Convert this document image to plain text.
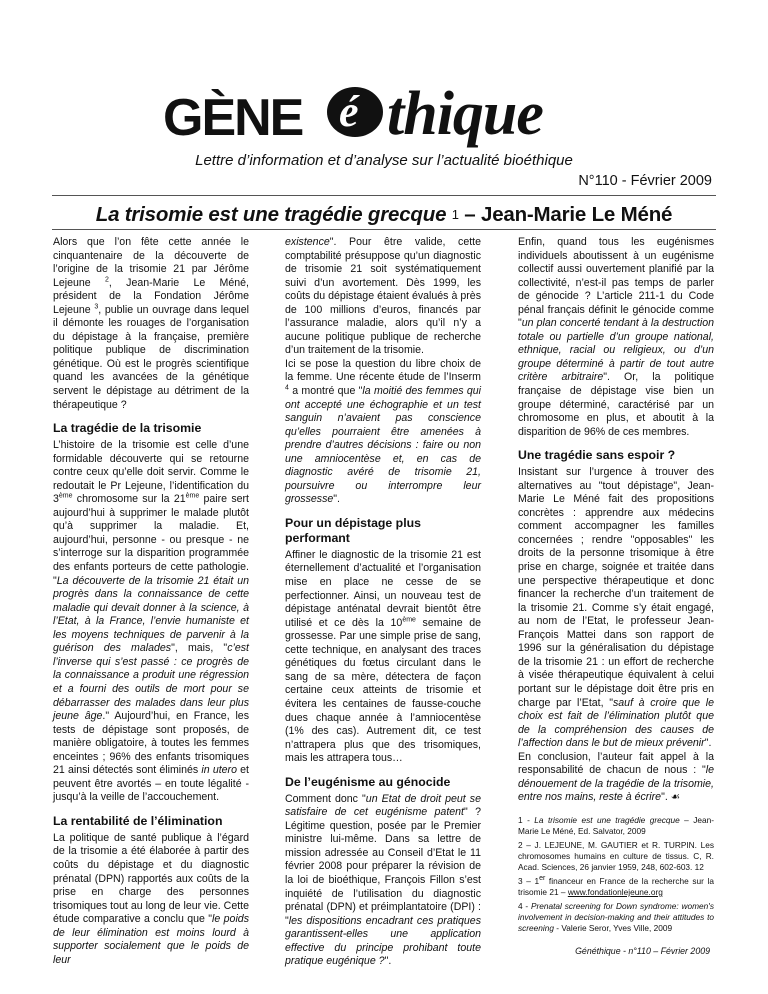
GÈNE é thique
Lettre d’information et d’analyse sur l’actualité bioéthique
N°110 - Février 2009
La trisomie est une tragédie grecque $^1$ – Jean-Marie Le Méné

Alors que l’on fête cette année le cinquantenaire de la découverte de l’origine de la trisomie 21 par Jérôme Lejeune $^2$, Jean-Marie Le Méné, président de la Fondation Jérôme Lejeune $^3$, publie un ouvrage dans lequel il démonte les rouages de l’organisation du dépistage à la française, première politique publique de discrimination génétique. Où est le progrès scientifique quand les avancées de la génétique servent le dépistage au détriment de la thérapeutique ?

La tragédie de la trisomie

L’histoire de la trisomie est celle d’une formidable découverte qui se retourne contre ceux qu’elle doit servir. Comme le redoutait le Pr Lejeune, l’identification du 3ème chromosome sur la 21ème paire sert aujourd’hui à supprimer le malade plutôt qu’à supprimer la maladie. Et, aujourd’hui, personne - ou presque - ne s’interroge sur la disparition programmée des enfants porteurs de cette pathologie. "La découverte de la trisomie 21 était un progrès dans la connaissance de cette maladie qui devait donner à la science, à l’Etat, à la France, l’envie humaniste et les moyens techniques de parvenir à la guérison des malades", mais, "c’est l’inverse qui s’est passé : ce progrès de la connaissance a produit une régression et a fourni des outils de mort pour se débarrasser des malades dans leur plus jeune âge." Aujourd’hui, en France, les tests de dépistage sont proposés, de manière obligatoire, à toutes les femmes enceintes ; 96% des enfants trisomiques 21 ainsi détectés sont éliminés in utero et peuvent être avortés – en toute légalité - jusqu’à la veille de l’accouchement.

La rentabilité de l’élimination

La politique de santé publique à l’égard de la trisomie a été élaborée à partir des coûts du dépistage et du diagnostic prénatal (DPN) rapportés aux coûts de la prise en charge des personnes trisomiques tout au long de leur vie. Cette étude comparative a conclu que "le poids de leur élimination est moins lourd à supporter socialement que le poids de leur

existence". Pour être valide, cette comptabilité présuppose qu’un diagnostic de trisomie 21 soit systématiquement suivi d’un avortement. Dès 1999, les coûts du dépistage étaient évalués à près de 100 millions d’euros, financés par l’assurance maladie, alors qu’il n’y a aucune politique publique de recherche d’un traitement de la trisomie.

Ici se pose la question du libre choix de la femme. Une récente étude de l’Inserm $^4$ a montré que "la moitié des femmes qui ont accepté une échographie et un test sanguin n’avaient pas conscience qu’elles pourraient être amenées à prendre d’autres décisions : faire ou non une amniocentèse et, en cas de diagnostic avéré de trisomie 21, poursuivre ou interrompre leur grossesse".

Pour un dépistage plus performant

Affiner le diagnostic de la trisomie 21 est éternellement d’actualité et l’organisation mise en place ne cesse de se perfectionner. Ainsi, un nouveau test de dépistage anténatal devrait bientôt être utilisé et ce dès la 10ème semaine de grossesse. Par une simple prise de sang, cette technique, en analysant des traces génétiques du fœtus circulant dans le sang de sa mère, détectera de façon certaine ceux atteints de trisomie et évitera les centaines de fausse-couche dues chaque année à l’amniocentèse (1% des cas). Autrement dit, ce test n’attrapera plus que des trisomiques, mais les attrapera tous…

De l’eugénisme au génocide

Comment donc "un Etat de droit peut se satisfaire de cet eugénisme patent" ? Légitime question, posée par le Premier ministre lui-même. Dans sa lettre de mission adressée au Conseil d’Etat le 11 février 2008 pour préparer la révision de la loi de bioéthique, François Fillon s’est inquiété de l’utilisation du diagnostic prénatal (DPN) et préimplantatoire (DPI) : "les dispositions encadrant ces pratiques garantissent-elles une application effective du principe prohibant toute pratique eugénique ?".

Enfin, quand tous les eugénismes individuels aboutissent à un eugénisme collectif aussi ouvertement planifié par la collectivité, n’est-il pas temps de parler de génocide ? L’article 211-1 du Code pénal français définit le génocide comme "un plan concerté tendant à la destruction totale ou partielle d’un groupe national, ethnique, racial ou religieux, ou d’un groupe déterminé à partir de tout autre critère arbitraire". Or, la politique française de dépistage vise bien un groupe déterminé, caractérisé par un chromosome en plus, et aboutit à la disparition de 96% de ces membres.

Une tragédie sans espoir ?

Insistant sur l’urgence à trouver des alternatives au "tout dépistage", Jean-Marie Le Méné fait des propositions concrètes : apprendre aux médecins comment accompagner les familles concernées ; rendre "opposables" les droits de la personne trisomique à être prise en charge, soignée et traitée dans une perspective thérapeutique et donc financer la recherche d’un traitement de la trisomie 21. Comme s’y était engagé, au nom de l’Etat, le professeur Jean-François Mattei dans son rapport de 1996 sur la généralisation du dépistage de la trisomie 21 : un effort de recherche à visée thérapeutique équivalent à celui portant sur le dépistage doit être pris en charge par l’Etat, "sauf à croire que le choix est fait de l’élimination plutôt que de la compréhension des causes de l’affection dans le but de mieux prévenir".

En conclusion, l’auteur fait appel à la responsabilité de chacun de nous : "le dénouement de la tragédie de la trisomie, entre nos mains, reste à écrire". ☙

1 - La trisomie est une tragédie grecque – Jean-Marie Le Méné, Ed. Salvator, 2009

2 – J. LEJEUNE, M. GAUTIER et R. TURPIN. Les chromosomes humains en culture de tissus. C, R. Acad. Sciences, 26 janvier 1959, 248, 602-603. 12

3 – 1er financeur en France de la recherche sur la trisomie 21 – www.fondationlejeune.org

4 - Prenatal screening for Down syndrome: women's involvement in decision-making and their attitudes to screening - Valerie Seror, Yves Ville, 2009

Généthique - n°110 – Février 2009
